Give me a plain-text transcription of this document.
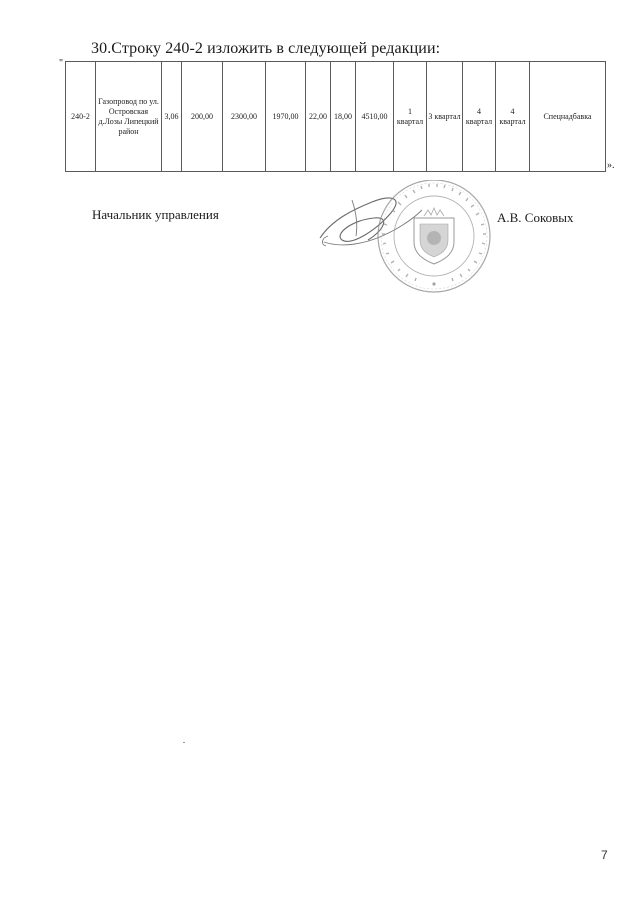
30.Строку 240-2 изложить в следующей редакции:
"
240-2	Газопровод по ул. Островская д.Лозы Липецкий район	3,06	200,00	2300,00	1970,00	22,00	18,00	4510,00	1 квартал	3 квартал	4 квартал	4 квартал	Спецнадбавка
».
Начальник управления	А.В. Соковых
7
